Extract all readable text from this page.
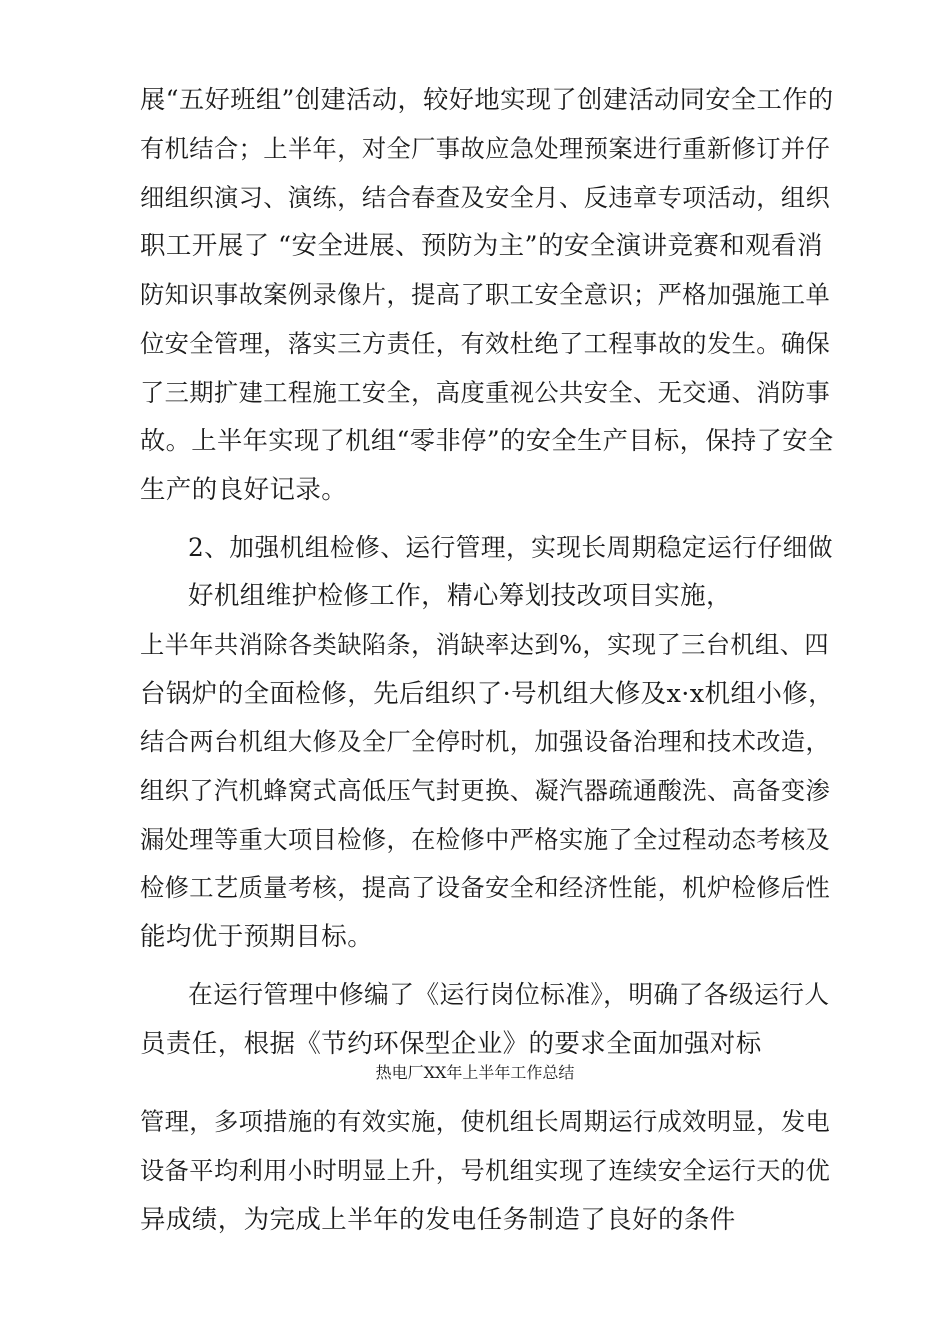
展“五好班组”创建活动，较好地实现了创建活动同安全工作的
有机结合；上半年，对全厂事故应急处理预案进行重新修订并仔
细组织演习、演练，结合春查及安全月、反违章专项活动，组织
职工开展了 “安全进展、预防为主”的安全演讲竞赛和观看消
防知识事故案例录像片，提高了职工安全意识；严格加强施工单
位安全管理，落实三方责任，有效杜绝了工程事故的发生。确保
了三期扩建工程施工安全，高度重视公共安全、无交通、消防事
故。上半年实现了机组“零非停”的安全生产目标，保持了安全
生产的良好记录。
2、加强机组检修、运行管理，实现长周期稳定运行仔细做
好机组维护检修工作，精心筹划技改项目实施，
上半年共消除各类缺陷条，消缺率达到%，实现了三台机组、四
台锅炉的全面检修，先后组织了·号机组大修及x·x机组小修，
结合两台机组大修及全厂全停时机，加强设备治理和技术改造，
组织了汽机蜂窝式高低压气封更换、凝汽器疏通酸洗、高备变渗
漏处理等重大项目检修，在检修中严格实施了全过程动态考核及
检修工艺质量考核，提高了设备安全和经济性能，机炉检修后性
能均优于预期目标。
在运行管理中修编了《运行岗位标准》，明确了各级运行人
员责任，根据《节约环保型企业》的要求全面加强对标
热电厂XX年上半年工作总结
管理，多项措施的有效实施，使机组长周期运行成效明显，发电
设备平均利用小时明显上升，号机组实现了连续安全运行天的优
异成绩，为完成上半年的发电任务制造了良好的条件
